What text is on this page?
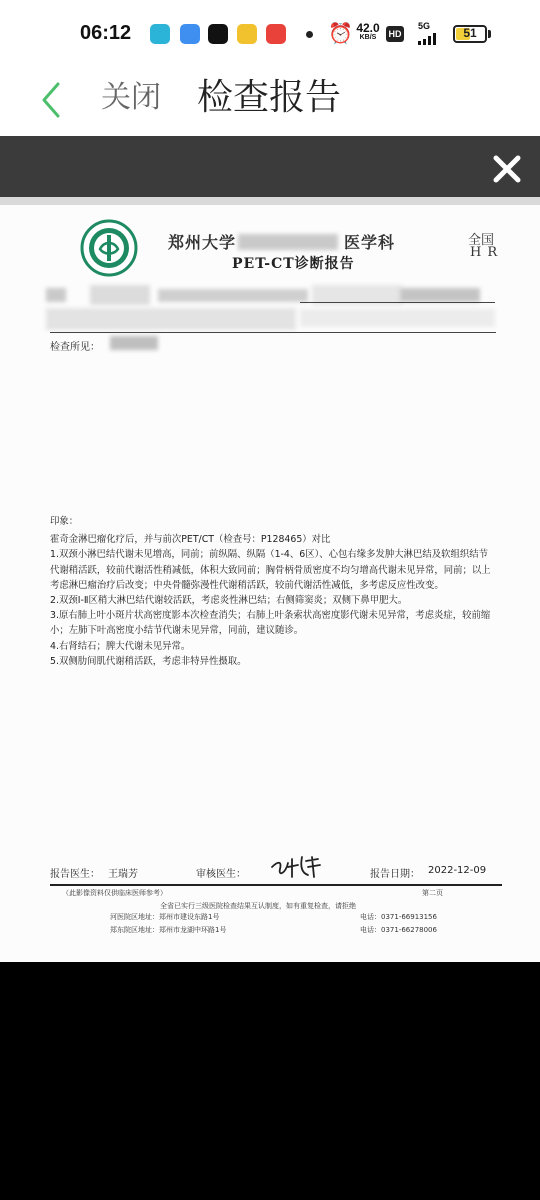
06:12	⏰ 42.0
KB/S	HD
5G	51
关闭 检查报告
郑州大学	医学科
PET-CT诊断报告
全国
HR
检查所见：

印象：

霍奇金淋巴瘤化疗后，并与前次PET/CT（检查号：P128465）对比

1.双颈小淋巴结代谢未见增高，同前；前纵隔、纵隔（1-4、6区）、心包右缘多发肿大淋巴结及软组织结节代谢稍活跃，较前代谢活性稍减低，体积大致同前；胸骨柄骨质密度不均匀增高代谢未见异常，同前；以上考虑淋巴瘤治疗后改变；中央骨髓弥漫性代谢稍活跃，较前代谢活性减低，多考虑反应性改变。

2.双颈Ⅰ-Ⅱ区稍大淋巴结代谢较活跃，考虑炎性淋巴结；右侧筛窦炎；双侧下鼻甲肥大。

3.原右肺上叶小斑片状高密度影本次检查消失；右肺上叶条索状高密度影代谢未见异常，考虑炎症，较前缩小；左肺下叶高密度小结节代谢未见异常，同前，建议随诊。

4.右肾结石；脾大代谢未见异常。

5.双侧肋间肌代谢稍活跃，考虑非特异性摄取。

报告医生： 王瑞芳	审核医生：	报告日期： 2022-12-09
（此影像资料仅供临床医师参考）	第二页
全省已实行三级医院检查结果互认制度，如有重复检查，请拒绝
河医院区地址：郑州市建设东路1号	电话：0371-66913156
郑东院区地址：郑州市龙湖中环路1号	电话：0371-66278006
